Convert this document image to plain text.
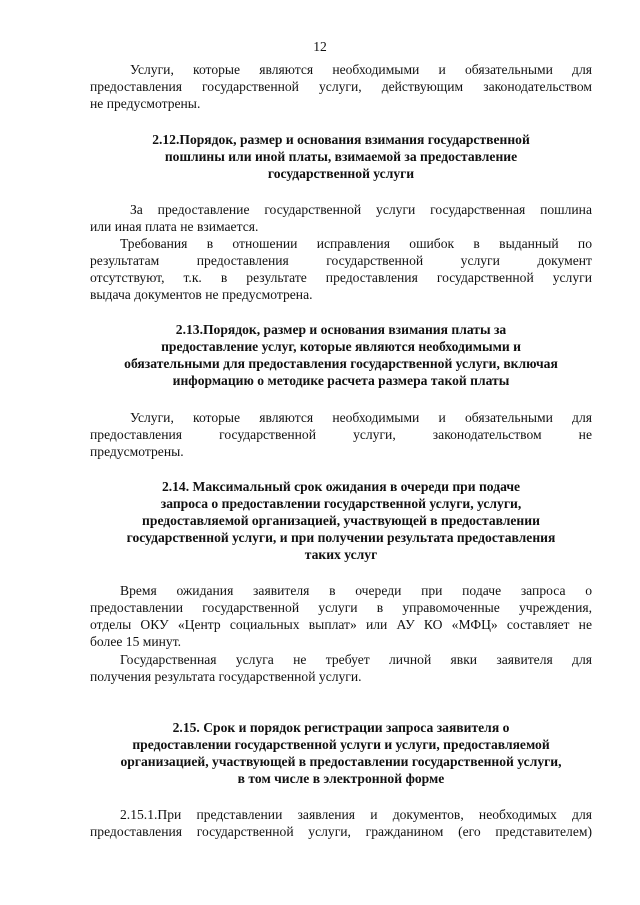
12

Услуги, которые являются необходимыми и обязательными для

предоставления государственной услуги, действующим законодательством

не предусмотрены.

2.12.Порядок, размер и основания взимания государственной

пошлины или иной платы, взимаемой за предоставление

государственной услуги

За предоставление государственной услуги государственная пошлина

или иная плата не взимается.

Требования в отношении исправления ошибок в выданный по

результатам предоставления государственной услуги документ

отсутствуют, т.к. в результате предоставления государственной услуги

выдача документов не предусмотрена.

2.13.Порядок, размер и основания взимания платы за

предоставление услуг, которые являются необходимыми и

обязательными для предоставления государственной услуги, включая

информацию о методике расчета размера такой платы

Услуги, которые являются необходимыми и обязательными для

предоставления государственной услуги, законодательством не

предусмотрены.

2.14. Максимальный срок ожидания в очереди при подаче

запроса о предоставлении государственной услуги, услуги,

предоставляемой организацией, участвующей в предоставлении

государственной услуги, и при получении результата предоставления

таких услуг

Время ожидания заявителя в очереди при подаче запроса о

предоставлении государственной услуги в управомоченные учреждения,

отделы ОКУ «Центр социальных выплат» или АУ КО «МФЦ» составляет не

более 15 минут.

Государственная услуга не требует личной явки заявителя для

получения результата государственной услуги.

2.15. Срок и порядок регистрации запроса заявителя о

предоставлении государственной услуги и услуги, предоставляемой

организацией, участвующей в предоставлении государственной услуги,

в том числе в электронной форме

2.15.1.При представлении заявления и документов, необходимых для

предоставления государственной услуги, гражданином (его представителем)
